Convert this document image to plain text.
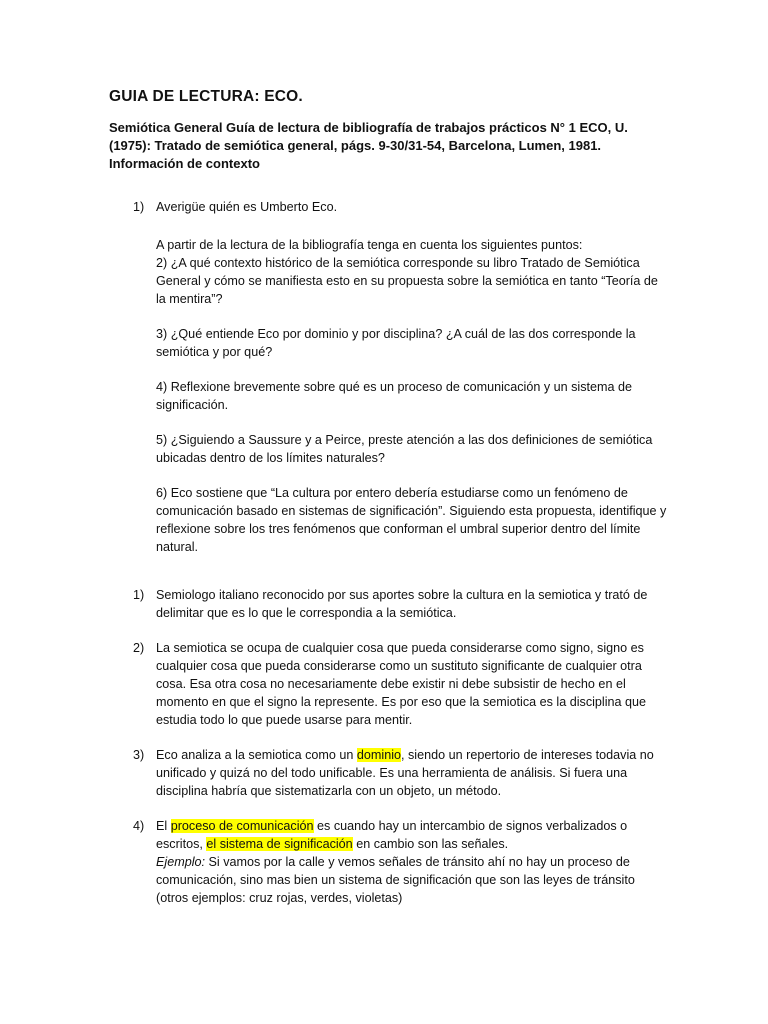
GUIA DE LECTURA: ECO.
Semiótica General Guía de lectura de bibliografía de trabajos prácticos N° 1 ECO, U. (1975): Tratado de semiótica general, págs. 9-30/31-54, Barcelona, Lumen, 1981. Información de contexto
1) Averigüe quién es Umberto Eco.
A partir de la lectura de la bibliografía tenga en cuenta los siguientes puntos:
2) ¿A qué contexto histórico de la semiótica corresponde su libro Tratado de Semiótica General y cómo se manifiesta esto en su propuesta sobre la semiótica en tanto “Teoría de la mentira”?
3) ¿Qué entiende Eco por dominio y por disciplina? ¿A cuál de las dos corresponde la semiótica y por qué?
4) Reflexione brevemente sobre qué es un proceso de comunicación y un sistema de significación.
5) ¿Siguiendo a Saussure y a Peirce, preste atención a las dos definiciones de semiótica ubicadas dentro de los límites naturales?
6) Eco sostiene que “La cultura por entero debería estudiarse como un fenómeno de comunicación basado en sistemas de significación”. Siguiendo esta propuesta, identifique y reflexione sobre los tres fenómenos que conforman el umbral superior dentro del límite natural.
1) Semiologo italiano reconocido por sus aportes sobre la cultura en la semiotica y trató de delimitar que es lo que le correspondia a la semiótica.
2) La semiotica se ocupa de cualquier cosa que pueda considerarse como signo, signo es cualquier cosa que pueda considerarse como un sustituto significante de cualquier otra cosa. Esa otra cosa no necesariamente debe existir ni debe subsistir de hecho en el momento en que el signo la represente. Es por eso que la semiotica es la disciplina que estudia todo lo que puede usarse para mentir.
3) Eco analiza a la semiotica como un dominio, siendo un repertorio de intereses todavia no unificado y quizá no del todo unificable. Es una herramienta de análisis. Si fuera una disciplina habría que sistematizarla con un objeto, un método.
4) El proceso de comunicación es cuando hay un intercambio de signos verbalizados o escritos, el sistema de significación en cambio son las señales.
Ejemplo: Si vamos por la calle y vemos señales de tránsito ahí no hay un proceso de comunicación, sino mas bien un sistema de significación que son las leyes de tránsito (otros ejemplos: cruz rojas, verdes, violetas)
